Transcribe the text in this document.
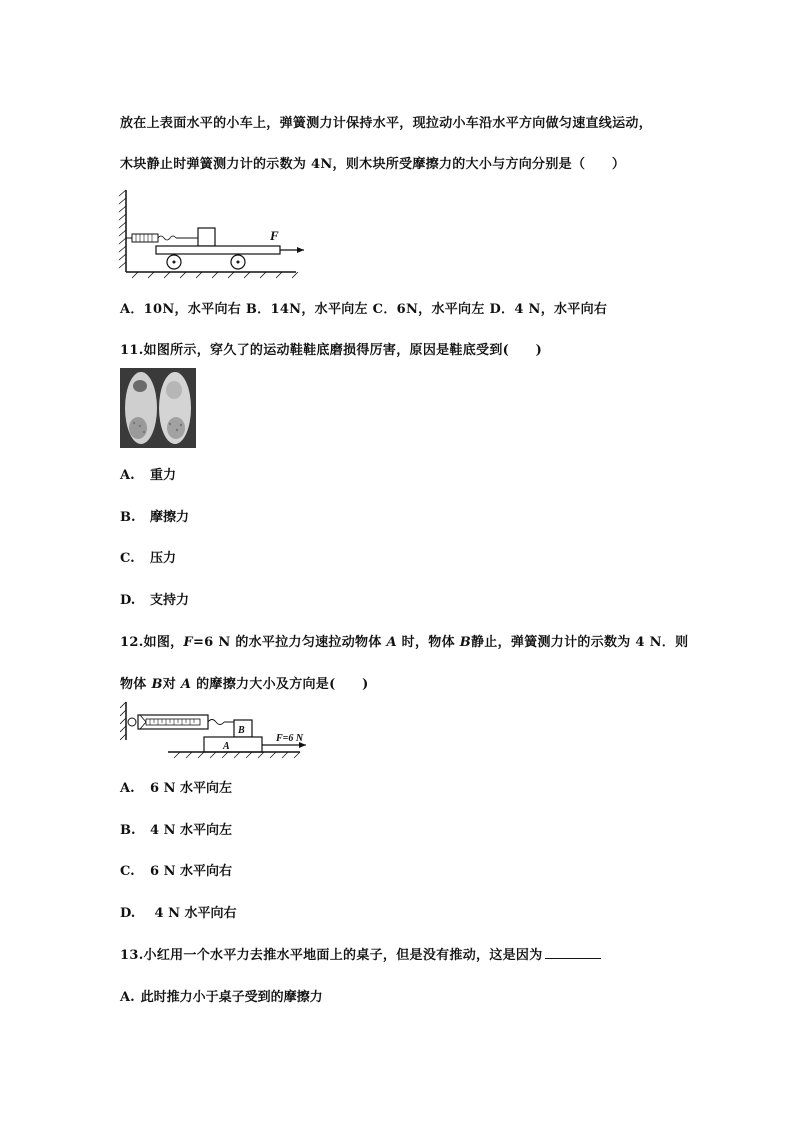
放在上表面水平的小车上，弹簧测力计保持水平，现拉动小车沿水平方向做匀速直线运动，
木块静止时弹簧测力计的示数为 4N，则木块所受摩擦力的大小与方向分别是（　　）
F
A．10N，水平向右 B．14N，水平向左 C．6N，水平向左 D．4 N，水平向右
11.如图所示，穿久了的运动鞋鞋底磨损得厉害，原因是鞋底受到(　　)
A. 重力
B. 摩擦力
C. 压力
D. 支持力
12.如图，F=6 N 的水平拉力匀速拉动物体 A 时，物体 B静止，弹簧测力计的示数为 4 N．则
物体 B对 A 的摩擦力大小及方向是(　　)
B
A
F=6 N
A. 6 N 水平向左
B. 4 N 水平向左
C. 6 N 水平向右
D. 4 N 水平向右
13.小红用一个水平力去推水平地面上的桌子，但是没有推动，这是因为
A. 此时推力小于桌子受到的摩擦力
